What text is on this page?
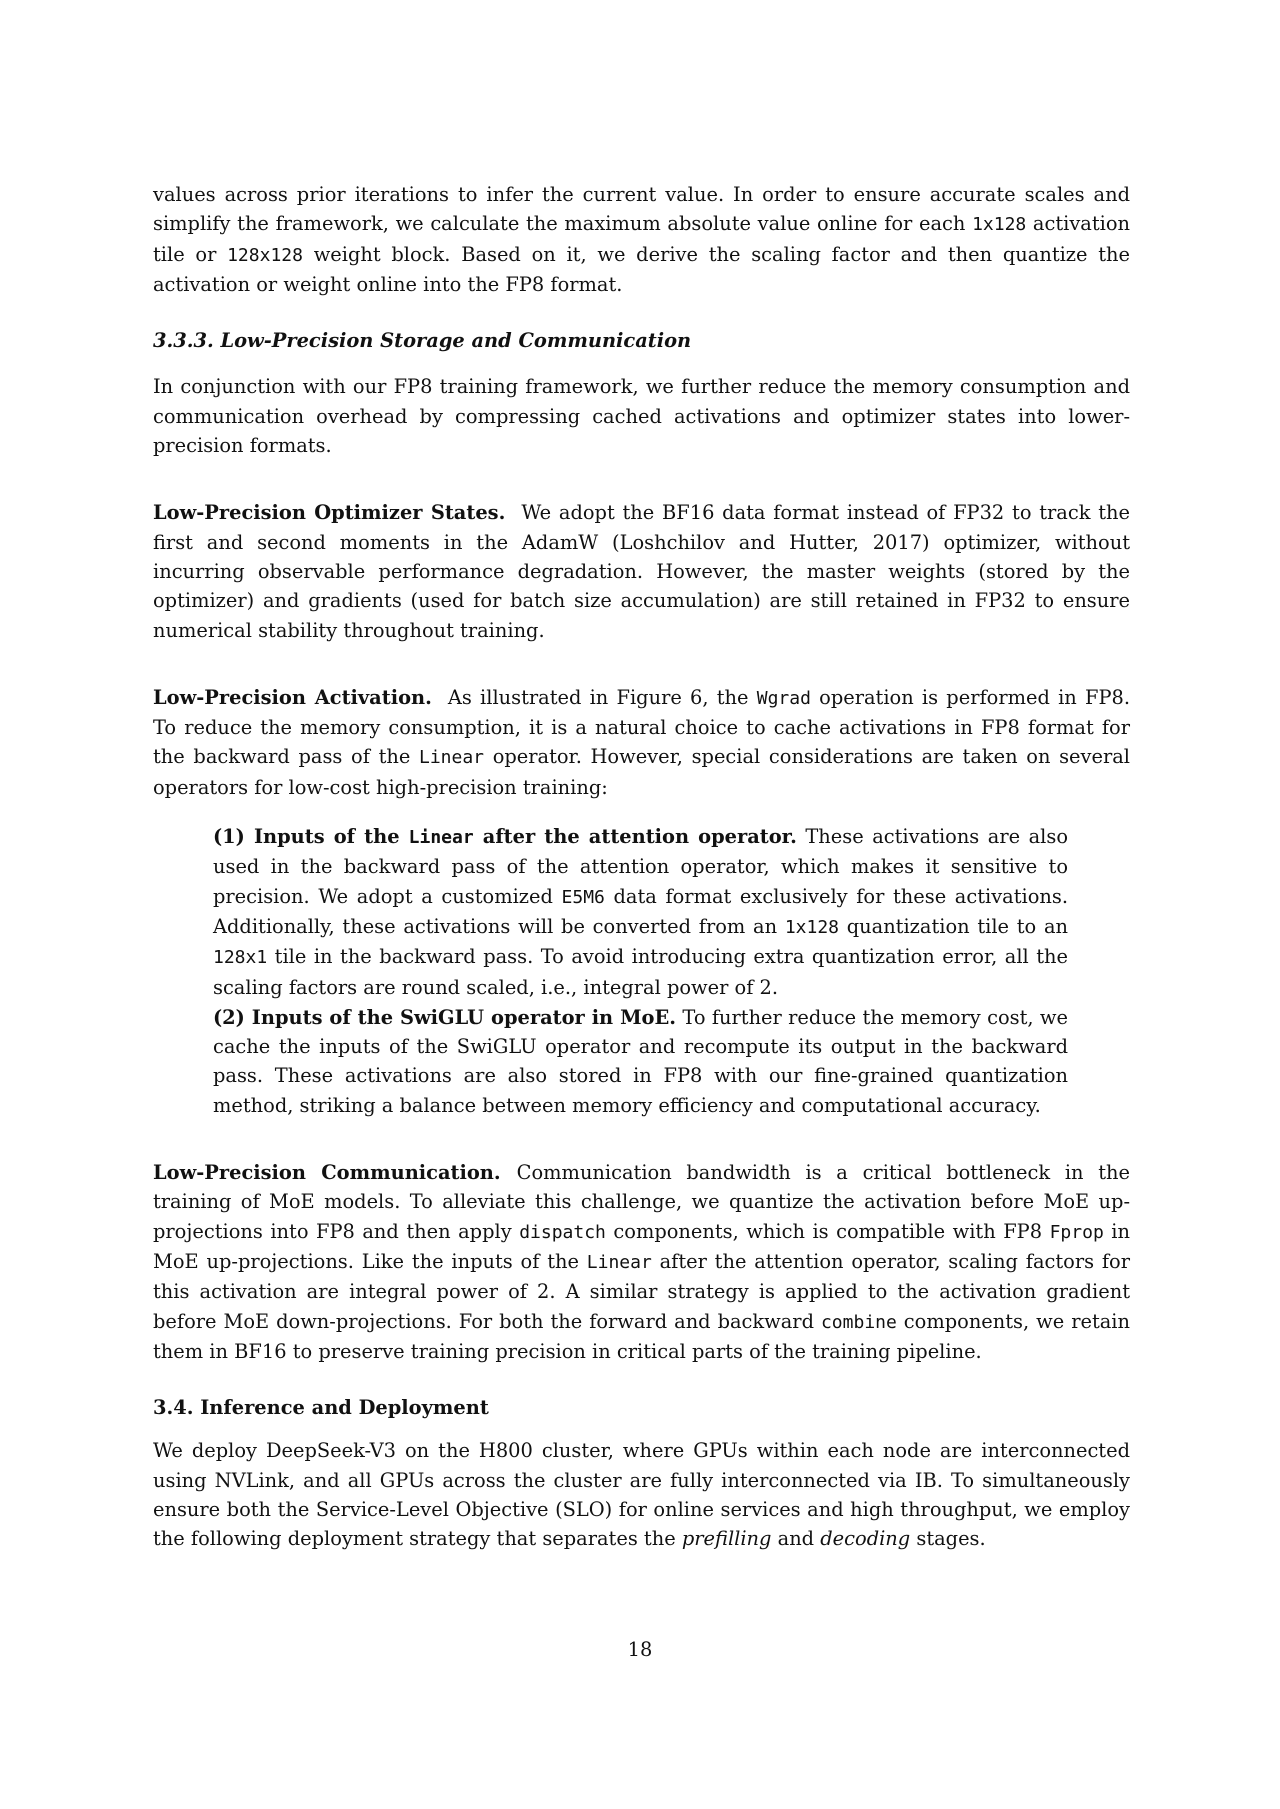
values across prior iterations to infer the current value. In order to ensure accurate scales and simplify the framework, we calculate the maximum absolute value online for each 1x128 activation tile or 128x128 weight block. Based on it, we derive the scaling factor and then quantize the activation or weight online into the FP8 format.

3.3.3. Low-Precision Storage and Communication

In conjunction with our FP8 training framework, we further reduce the memory consumption and communication overhead by compressing cached activations and optimizer states into lower-precision formats.

Low-Precision Optimizer States. We adopt the BF16 data format instead of FP32 to track the first and second moments in the AdamW (Loshchilov and Hutter, 2017) optimizer, without incurring observable performance degradation. However, the master weights (stored by the optimizer) and gradients (used for batch size accumulation) are still retained in FP32 to ensure numerical stability throughout training.

Low-Precision Activation. As illustrated in Figure 6, the Wgrad operation is performed in FP8. To reduce the memory consumption, it is a natural choice to cache activations in FP8 format for the backward pass of the Linear operator. However, special considerations are taken on several operators for low-cost high-precision training:

(1) Inputs of the Linear after the attention operator. These activations are also used in the backward pass of the attention operator, which makes it sensitive to precision. We adopt a customized E5M6 data format exclusively for these activations. Additionally, these activations will be converted from an 1x128 quantization tile to an 128x1 tile in the backward pass. To avoid introducing extra quantization error, all the scaling factors are round scaled, i.e., integral power of 2.

(2) Inputs of the SwiGLU operator in MoE. To further reduce the memory cost, we cache the inputs of the SwiGLU operator and recompute its output in the backward pass. These activations are also stored in FP8 with our fine-grained quantization method, striking a balance between memory efficiency and computational accuracy.

Low-Precision Communication. Communication bandwidth is a critical bottleneck in the training of MoE models. To alleviate this challenge, we quantize the activation before MoE up-projections into FP8 and then apply dispatch components, which is compatible with FP8 Fprop in MoE up-projections. Like the inputs of the Linear after the attention operator, scaling factors for this activation are integral power of 2. A similar strategy is applied to the activation gradient before MoE down-projections. For both the forward and backward combine components, we retain them in BF16 to preserve training precision in critical parts of the training pipeline.

3.4. Inference and Deployment

We deploy DeepSeek-V3 on the H800 cluster, where GPUs within each node are interconnected using NVLink, and all GPUs across the cluster are fully interconnected via IB. To simultaneously ensure both the Service-Level Objective (SLO) for online services and high throughput, we employ the following deployment strategy that separates the prefilling and decoding stages.

18
